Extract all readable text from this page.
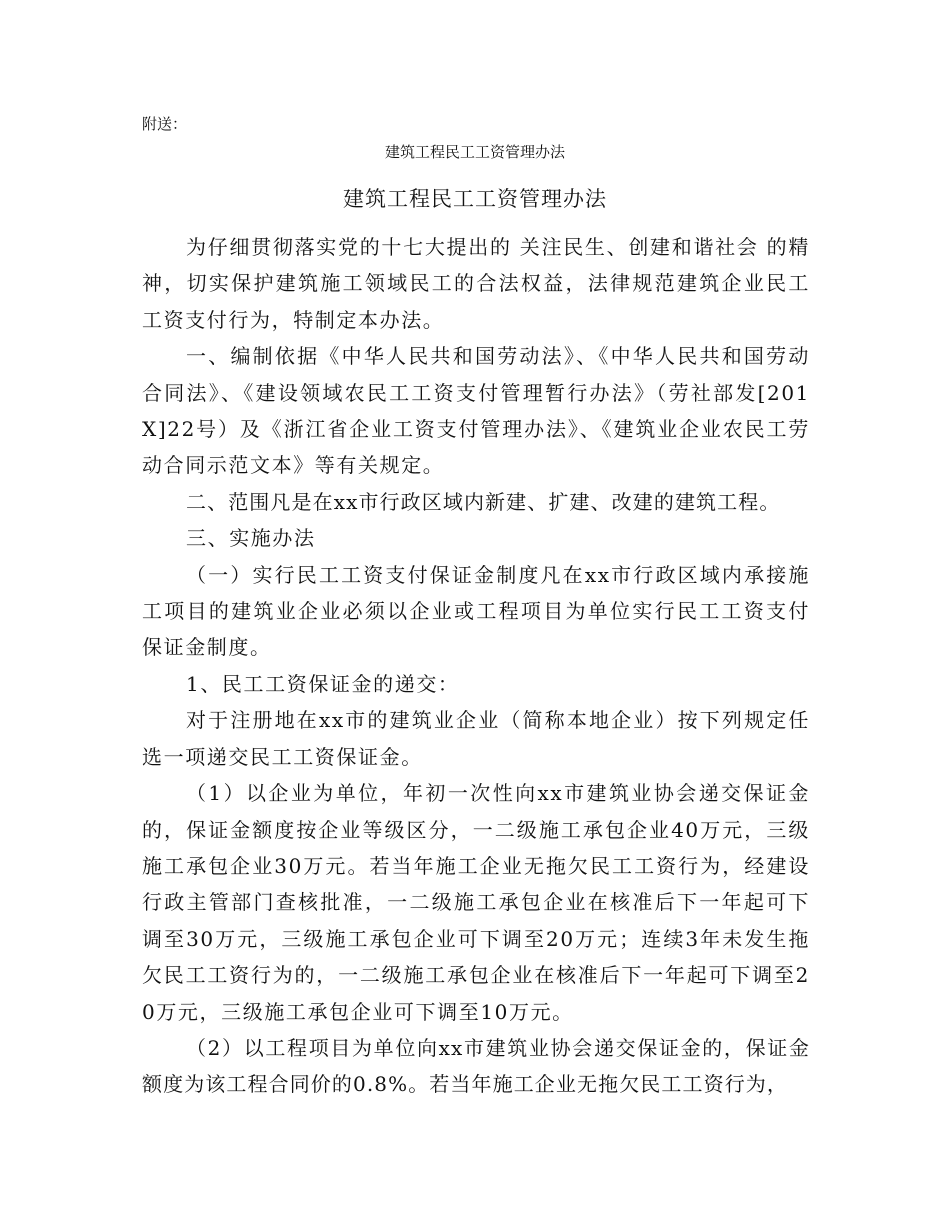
附送：
建筑工程民工工资管理办法
建筑工程民工工资管理办法

为仔细贯彻落实党的十七大提出的 关注民生、创建和谐社会 的精神，切实保护建筑施工领域民工的合法权益，法律规范建筑企业民工工资支付行为，特制定本办法。

一、编制依据《中华人民共和国劳动法》、《中华人民共和国劳动合同法》、《建设领域农民工工资支付管理暂行办法》（劳社部发[201X]22号）及《浙江省企业工资支付管理办法》、《建筑业企业农民工劳动合同示范文本》等有关规定。

二、范围凡是在xx市行政区域内新建、扩建、改建的建筑工程。

三、实施办法

（一）实行民工工资支付保证金制度凡在xx市行政区域内承接施工项目的建筑业企业必须以企业或工程项目为单位实行民工工资支付保证金制度。

1、民工工资保证金的递交：

对于注册地在xx市的建筑业企业（简称本地企业）按下列规定任选一项递交民工工资保证金。

（1）以企业为单位，年初一次性向xx市建筑业协会递交保证金的，保证金额度按企业等级区分，一二级施工承包企业40万元，三级施工承包企业30万元。若当年施工企业无拖欠民工工资行为，经建设行政主管部门查核批准，一二级施工承包企业在核准后下一年起可下调至30万元，三级施工承包企业可下调至20万元；连续3年未发生拖欠民工工资行为的，一二级施工承包企业在核准后下一年起可下调至20万元，三级施工承包企业可下调至10万元。

（2）以工程项目为单位向xx市建筑业协会递交保证金的，保证金额度为该工程合同价的0.8%。若当年施工企业无拖欠民工工资行为，
